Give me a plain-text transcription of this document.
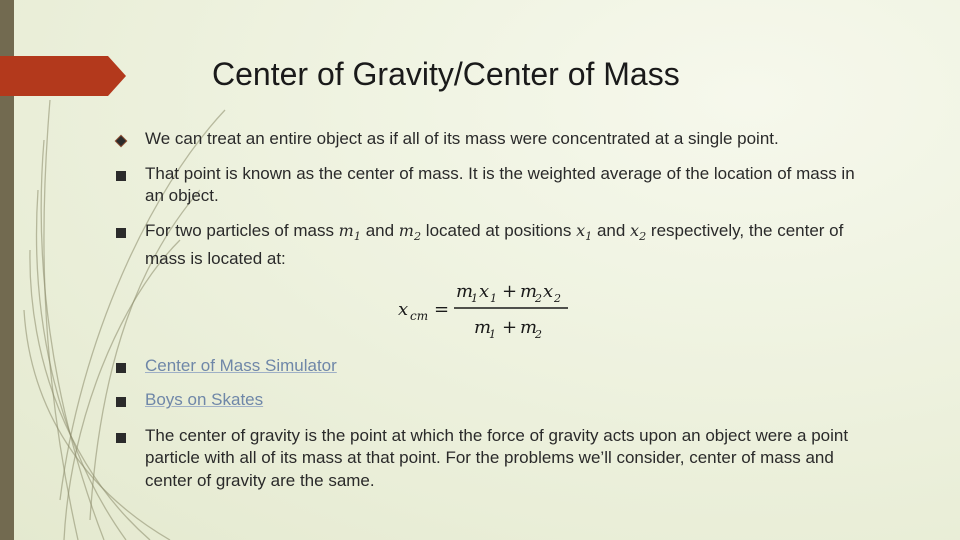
Center of Gravity/Center of Mass
We can treat an entire object as if all of its mass were concentrated at a single point.
That point is known as the center of mass. It is the weighted average of the location of mass in an object.
For two particles of mass $m_1$ and $m_2$ located at positions $x_1$ and $x_2$ respectively, the center of mass is located at:
x cm =
m
1 x 1 + m
2 x 2
m
1 + m
2
Center of Mass Simulator
Boys on Skates
The center of gravity is the point at which the force of gravity acts upon an object were a point particle with all of its mass at that point. For the problems we’ll consider, center of mass and center of gravity are the same.
